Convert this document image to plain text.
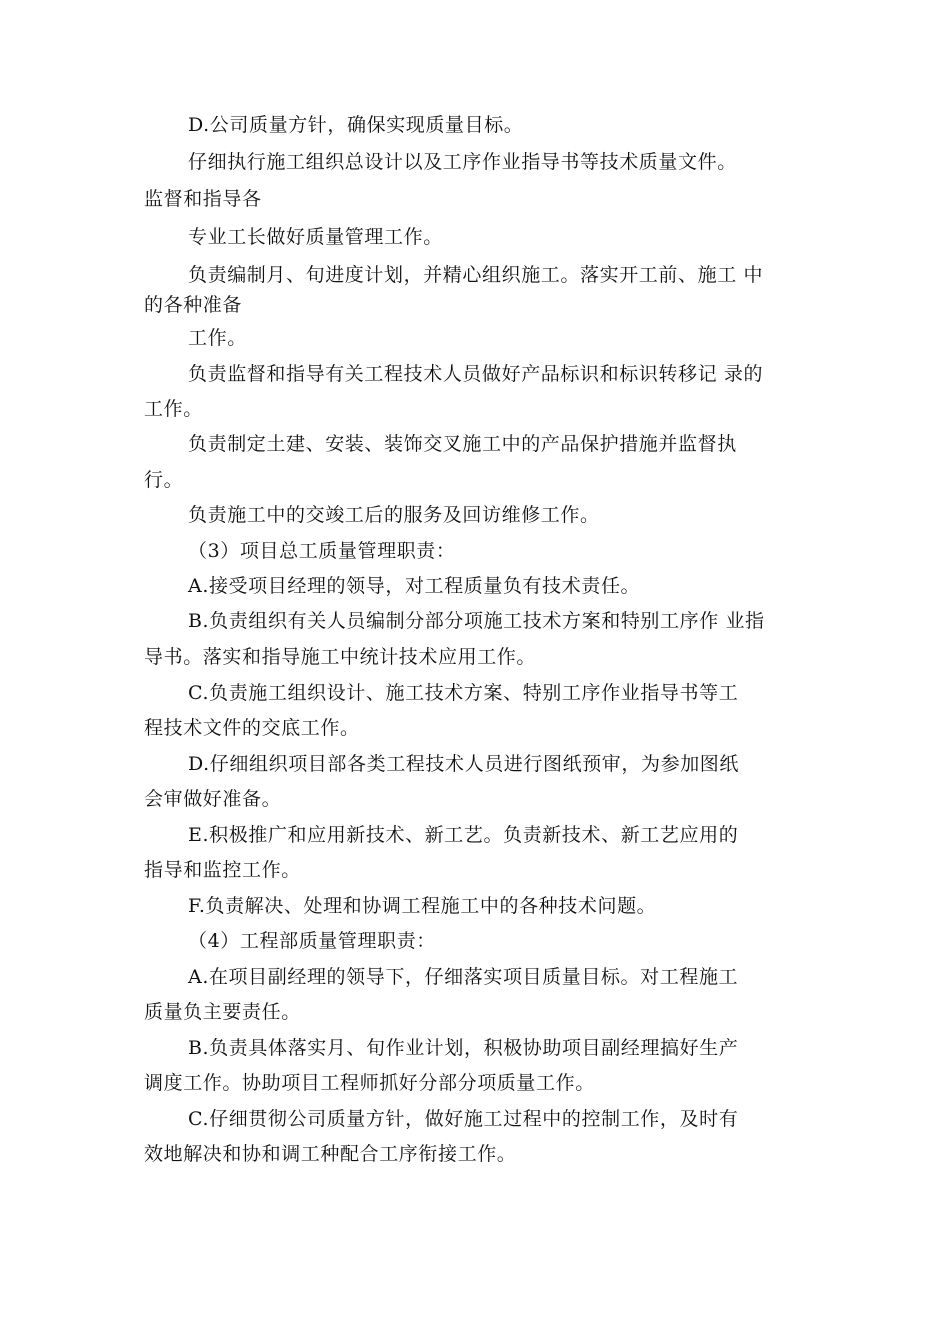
D.公司质量方针，确保实现质量目标。
仔细执行施工组织总设计以及工序作业指导书等技术质量文件。
监督和指导各
专业工长做好质量管理工作。
负责编制月、旬进度计划，并精心组织施工。落实开工前、施工 中
的各种准备
工作。
负责监督和指导有关工程技术人员做好产品标识和标识转移记 录的
工作。
负责制定土建、安装、装饰交叉施工中的产品保护措施并监督执
行。
负责施工中的交竣工后的服务及回访维修工作。
（3）项目总工质量管理职责：
A.接受项目经理的领导，对工程质量负有技术责任。
B.负责组织有关人员编制分部分项施工技术方案和特别工序作 业指
导书。落实和指导施工中统计技术应用工作。
C.负责施工组织设计、施工技术方案、特别工序作业指导书等工
程技术文件的交底工作。
D.仔细组织项目部各类工程技术人员进行图纸预审，为参加图纸
会审做好准备。
E.积极推广和应用新技术、新工艺。负责新技术、新工艺应用的
指导和监控工作。
F.负责解决、处理和协调工程施工中的各种技术问题。
（4）工程部质量管理职责：
A.在项目副经理的领导下，仔细落实项目质量目标。对工程施工
质量负主要责任。
B.负责具体落实月、旬作业计划，积极协助项目副经理搞好生产
调度工作。协助项目工程师抓好分部分项质量工作。
C.仔细贯彻公司质量方针，做好施工过程中的控制工作，及时有
效地解决和协和调工种配合工序衔接工作。
